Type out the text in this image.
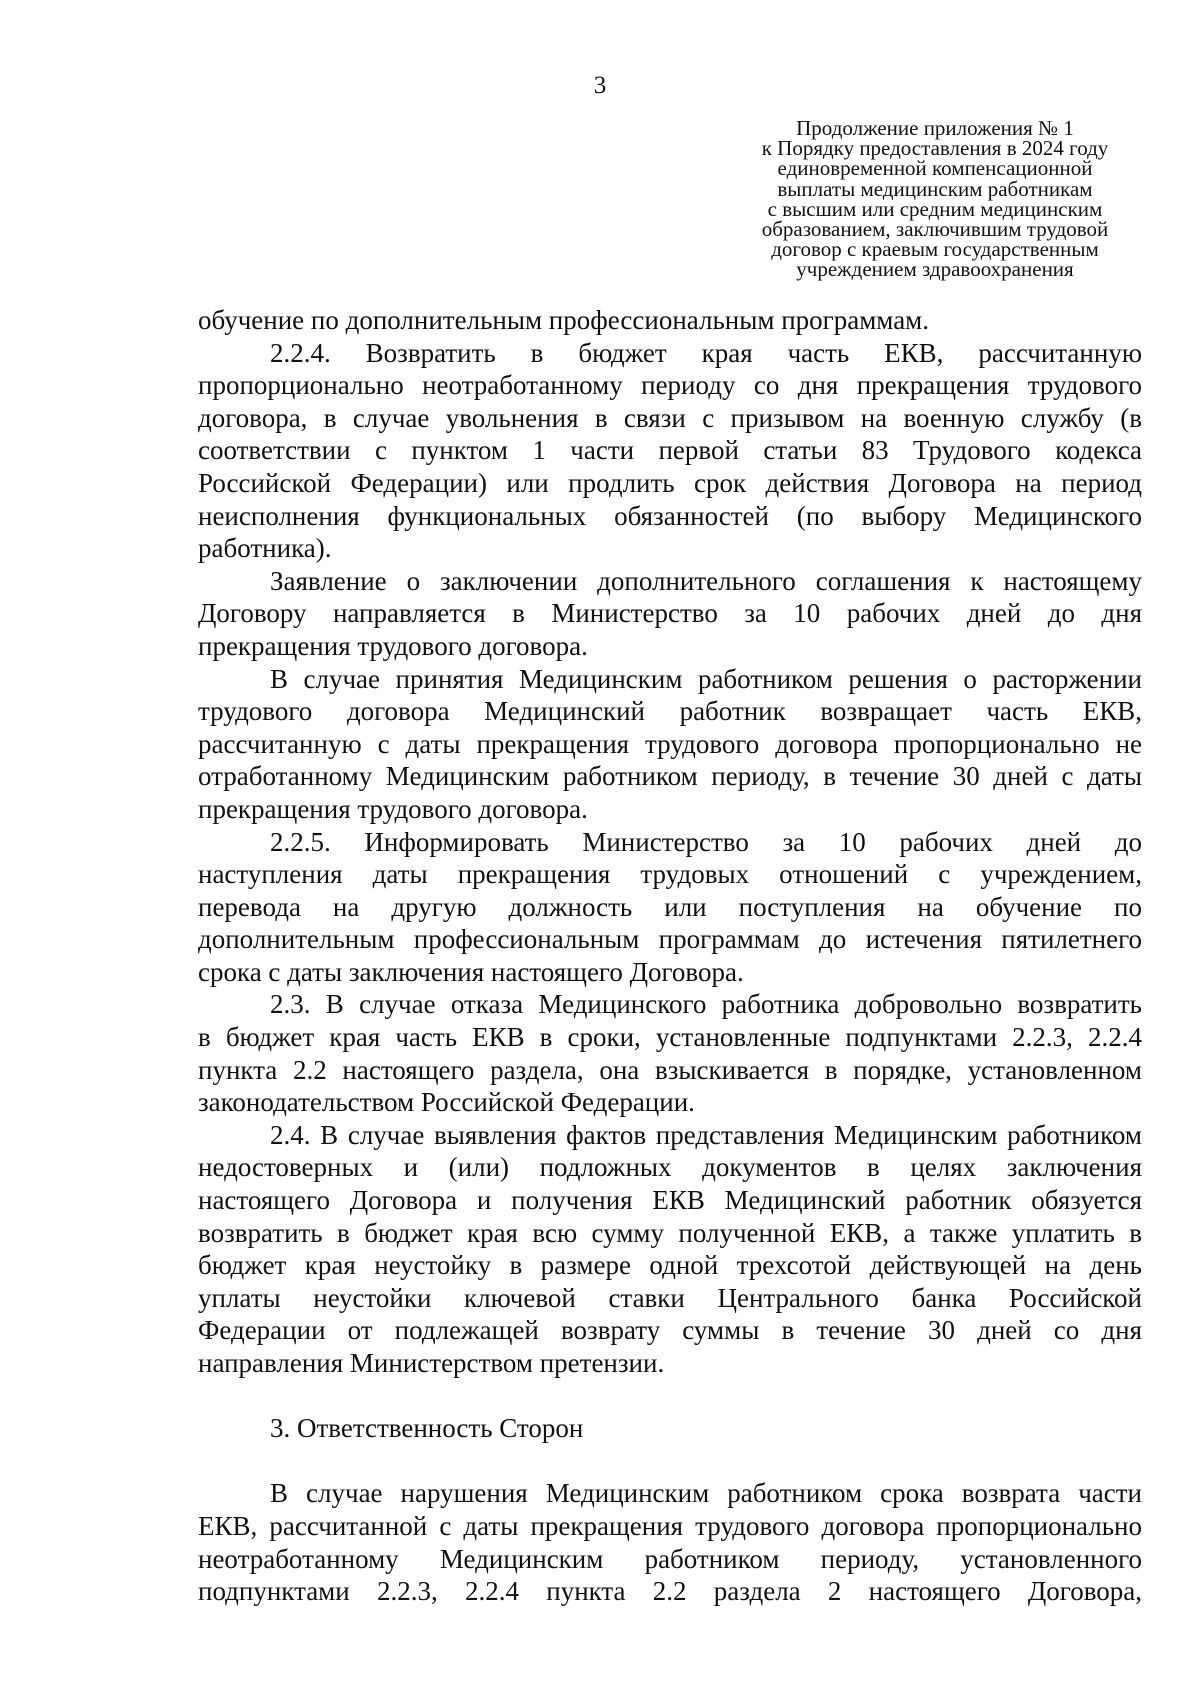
3
Продолжение приложения № 1
к Порядку предоставления в 2024 году
единовременной компенсационной
выплаты медицинским работникам
с высшим или средним медицинским
образованием, заключившим трудовой
договор с краевым государственным
учреждением здравоохранения
обучение по дополнительным профессиональным программам.
2.2.4. Возвратить в бюджет края часть ЕКВ, рассчитанную
пропорционально неотработанному периоду со дня прекращения трудового
договора, в случае увольнения в связи с призывом на военную службу (в
соответствии с пунктом 1 части первой статьи 83 Трудового кодекса
Российской Федерации) или продлить срок действия Договора на период
неисполнения функциональных обязанностей (по выбору Медицинского
работника).
Заявление о заключении дополнительного соглашения к настоящему
Договору направляется в Министерство за 10 рабочих дней до дня
прекращения трудового договора.
В случае принятия Медицинским работником решения о расторжении
трудового договора Медицинский работник возвращает часть ЕКВ,
рассчитанную с даты прекращения трудового договора пропорционально не
отработанному Медицинским работником периоду, в течение 30 дней с даты
прекращения трудового договора.
2.2.5. Информировать Министерство за 10 рабочих дней до
наступления даты прекращения трудовых отношений с учреждением,
перевода на другую должность или поступления на обучение по
дополнительным профессиональным программам до истечения пятилетнего
срока с даты заключения настоящего Договора.
2.3. В случае отказа Медицинского работника добровольно возвратить
в бюджет края часть ЕКВ в сроки, установленные подпунктами 2.2.3, 2.2.4
пункта 2.2 настоящего раздела, она взыскивается в порядке, установленном
законодательством Российской Федерации.
2.4. В случае выявления фактов представления Медицинским работником
недостоверных и (или) подложных документов в целях заключения
настоящего Договора и получения ЕКВ Медицинский работник обязуется
возвратить в бюджет края всю сумму полученной ЕКВ, а также уплатить в
бюджет края неустойку в размере одной трехсотой действующей на день
уплаты неустойки ключевой ставки Центрального банка Российской
Федерации от подлежащей возврату суммы в течение 30 дней со дня
направления Министерством претензии.
3. Ответственность Сторон
В случае нарушения Медицинским работником срока возврата части
ЕКВ, рассчитанной с даты прекращения трудового договора пропорционально
неотработанному Медицинским работником периоду, установленного
подпунктами 2.2.3, 2.2.4 пункта 2.2 раздела 2 настоящего Договора,
